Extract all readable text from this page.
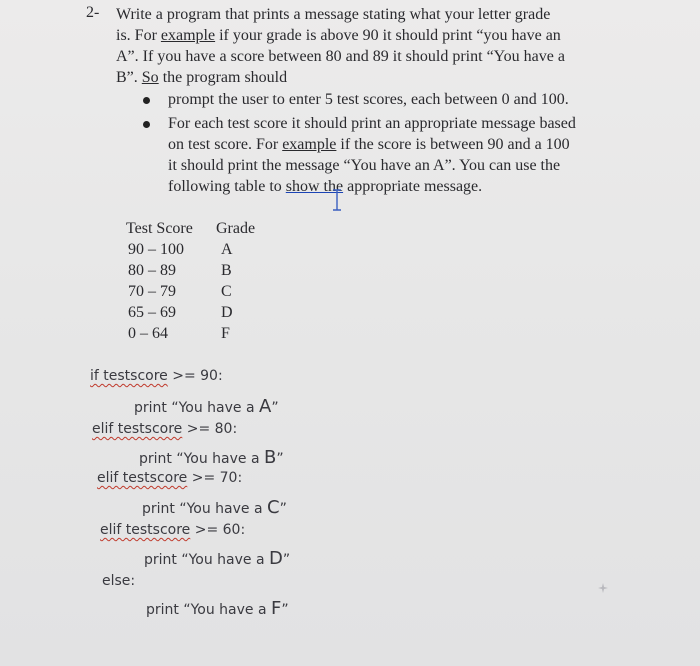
2- Write a program that prints a message stating what your letter grade
is. For example if your grade is above 90 it should print “you have an
A”. If you have a score between 80 and 89 it should print “You have a
B”. So the program should
prompt the user to enter 5 test scores, each between 0 and 100.
For each test score it should print an appropriate message based
on test score. For example if the score is between 90 and a 100
it should print the message “You have an A”. You can use the
following table to show the appropriate message.
Test Score Grade
90 – 100 A
80 – 89	B
70 – 79	C
65 – 69	D
0 – 64	F
if testscore >= 90:
print “You have a A”
elif testscore >= 80:
print “You have a B”
elif testscore >= 70:
print “You have a C”
elif testscore >= 60:
print “You have a D”
else:
print “You have a F”
